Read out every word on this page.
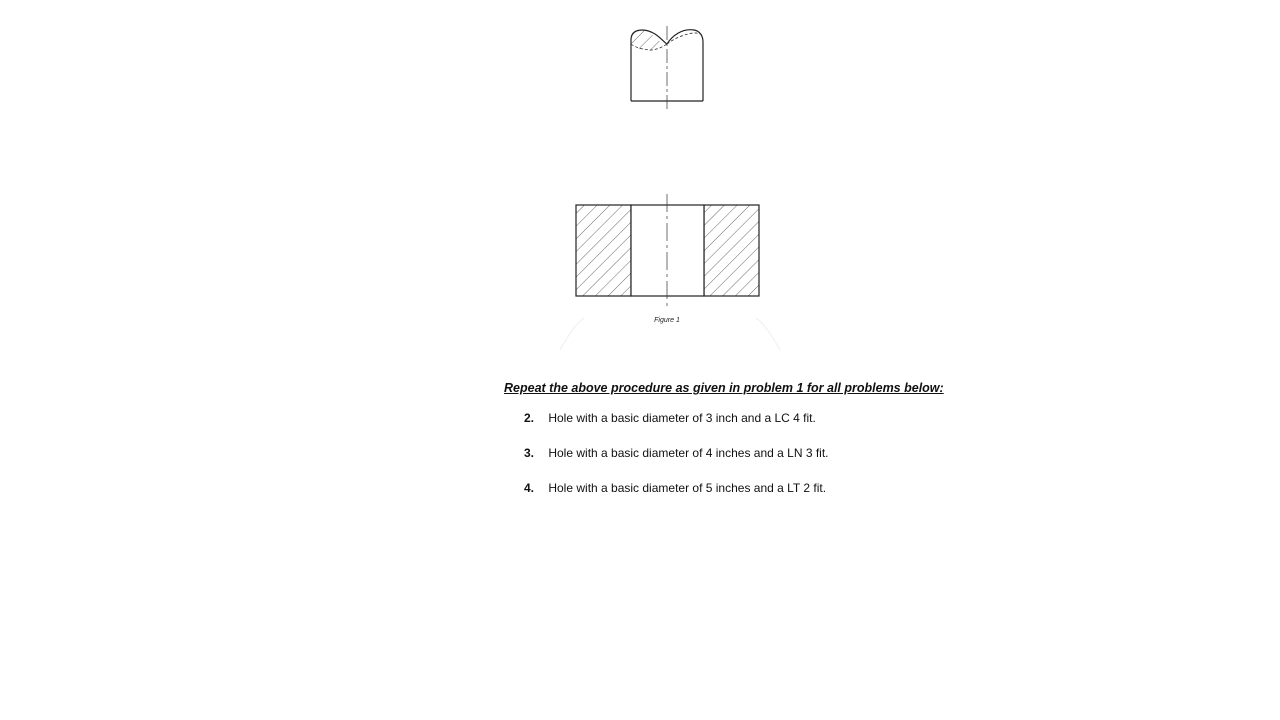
Figure 1
Repeat the above procedure as given in problem 1 for all problems below:
2. Hole with a basic diameter of 3 inch and a LC 4 fit.
3. Hole with a basic diameter of 4 inches and a LN 3 fit.
4. Hole with a basic diameter of 5 inches and a LT 2 fit.
